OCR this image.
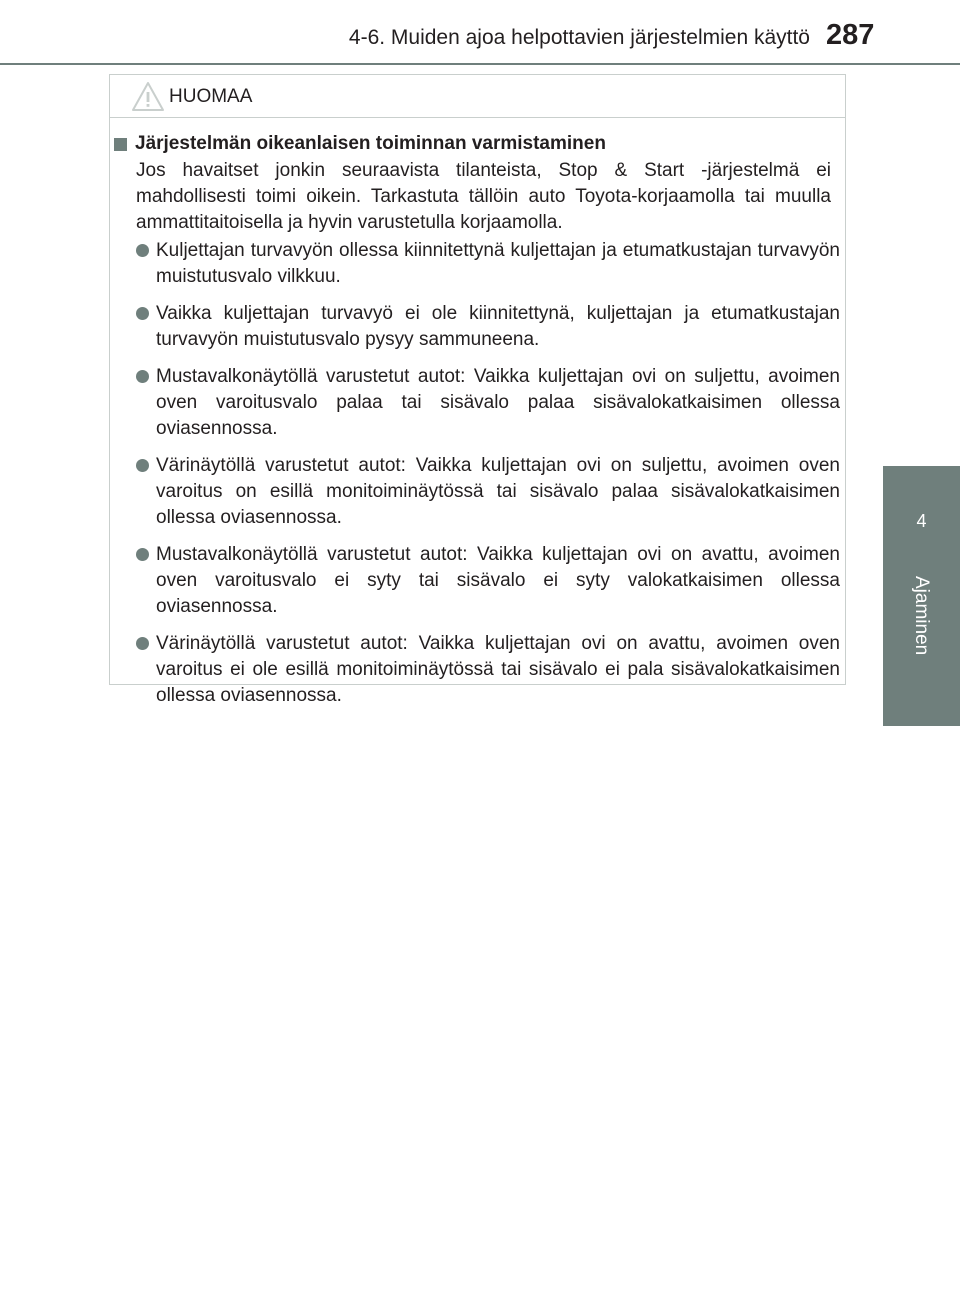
4-6. Muiden ajoa helpottavien järjestelmien käyttö 287
4
Ajaminen
HUOMAA
Järjestelmän oikeanlaisen toiminnan varmistaminen
Jos havaitset jonkin seuraavista tilanteista, Stop & Start -järjestelmä ei mahdollisesti toimi oikein. Tarkastuta tällöin auto Toyota-korjaamolla tai muulla ammattitaitoisella ja hyvin varustetulla korjaamolla.
Kuljettajan turvavyön ollessa kiinnitettynä kuljettajan ja etumatkustajan turvavyön muistutusvalo vilkkuu.
Vaikka kuljettajan turvavyö ei ole kiinnitettynä, kuljettajan ja etumatkustajan turvavyön muistutusvalo pysyy sammuneena.
Mustavalkonäytöllä varustetut autot: Vaikka kuljettajan ovi on suljettu, avoimen oven varoitusvalo palaa tai sisävalo palaa sisävalokatkaisimen ollessa oviasennossa.
Värinäytöllä varustetut autot: Vaikka kuljettajan ovi on suljettu, avoimen oven varoitus on esillä monitoiminäytössä tai sisävalo palaa sisävalokatkaisimen ollessa oviasennossa.
Mustavalkonäytöllä varustetut autot: Vaikka kuljettajan ovi on avattu, avoimen oven varoitusvalo ei syty tai sisävalo ei syty valokatkaisimen ollessa oviasennossa.
Värinäytöllä varustetut autot: Vaikka kuljettajan ovi on avattu, avoimen oven varoitus ei ole esillä monitoiminäytössä tai sisävalo ei pala sisävalokatkaisimen ollessa oviasennossa.
